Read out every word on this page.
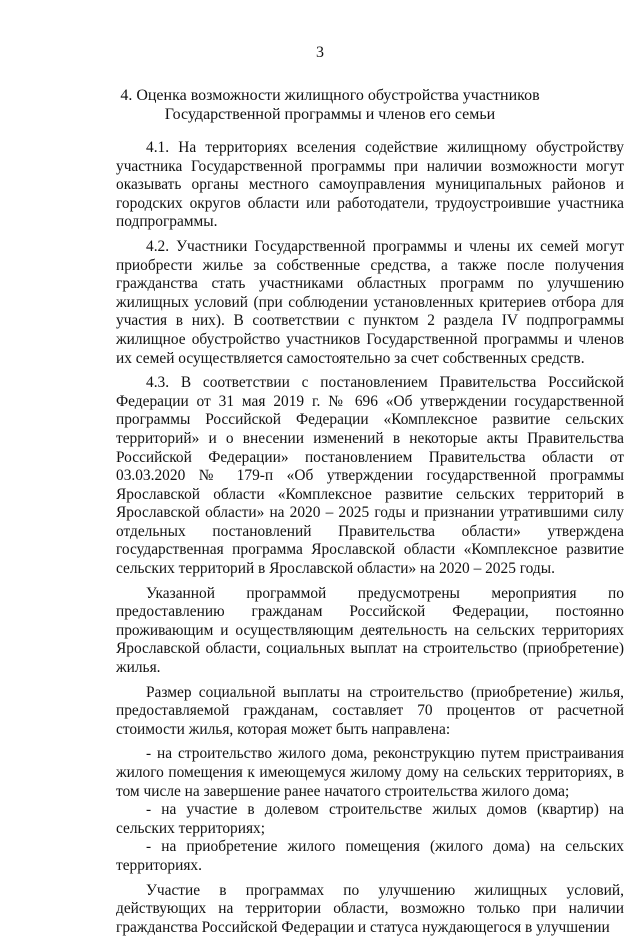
3
4. Оценка возможности жилищного обустройства участников
Государственной программы и членов его семьи

4.1. На территориях вселения содействие жилищному обустройству участника Государственной программы при наличии возможности могут оказывать органы местного самоуправления муниципальных районов и городских округов области или работодатели, трудоустроившие участника подпрограммы.

4.2. Участники Государственной программы и члены их семей могут приобрести жилье за собственные средства, а также после получения гражданства стать участниками областных программ по улучшению жилищных условий (при соблюдении установленных критериев отбора для участия в них). В соответствии с пунктом 2 раздела IV подпрограммы жилищное обустройство участников Государственной программы и членов их семей осуществляется самостоятельно за счет собственных средств.

4.3. В соответствии с постановлением Правительства Российской Федерации от 31 мая 2019 г. № 696 «Об утверждении государственной программы Российской Федерации «Комплексное развитие сельских территорий» и о внесении изменений в некоторые акты Правительства Российской Федерации» постановлением Правительства области от 03.03.2020 № 179-п «Об утверждении государственной программы Ярославской области «Комплексное развитие сельских территорий в Ярославской области» на 2020 – 2025 годы и признании утратившими силу отдельных постановлений Правительства области» утверждена государственная программа Ярославской области «Комплексное развитие сельских территорий в Ярославской области» на 2020 – 2025 годы.

Указанной программой предусмотрены мероприятия по предоставлению гражданам Российской Федерации, постоянно проживающим и осуществляющим деятельность на сельских территориях Ярославской области, социальных выплат на строительство (приобретение) жилья.

Размер социальной выплаты на строительство (приобретение) жилья, предоставляемой гражданам, составляет 70 процентов от расчетной стоимости жилья, которая может быть направлена:

- на строительство жилого дома, реконструкцию путем пристраивания жилого помещения к имеющемуся жилому дому на сельских территориях, в том числе на завершение ранее начатого строительства жилого дома;

- на участие в долевом строительстве жилых домов (квартир) на сельских территориях;

- на приобретение жилого помещения (жилого дома) на сельских территориях.

Участие в программах по улучшению жилищных условий, действующих на территории области, возможно только при наличии гражданства Российской Федерации и статуса нуждающегося в улучшении
